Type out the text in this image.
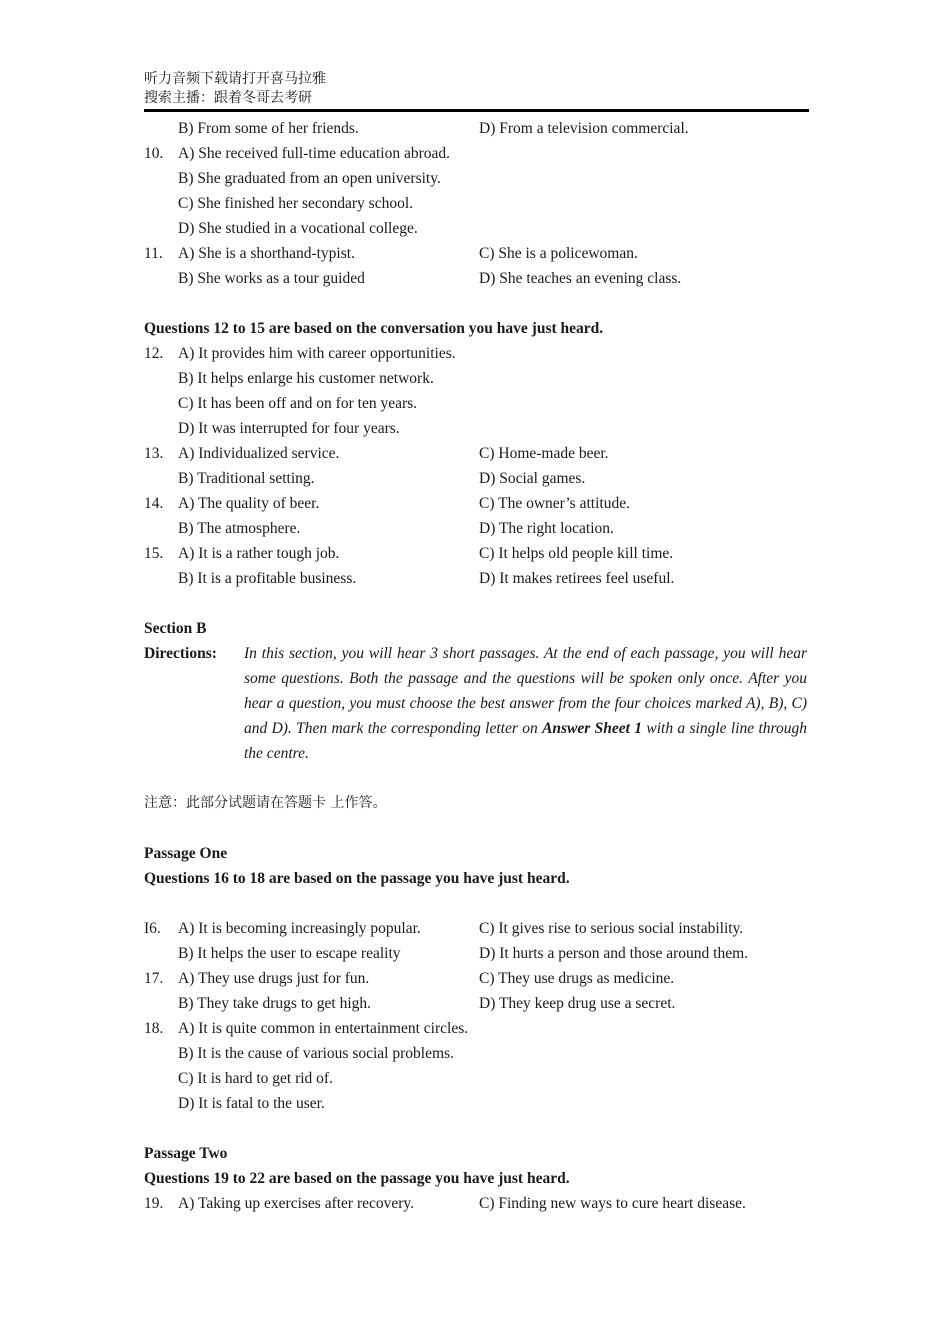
听力音频下载请打开喜马拉雅
搜索主播：跟着冬哥去考研
B) From some of her friends.	D) From a television commercial.
10. A) She received full-time education abroad.
B) She graduated from an open university.
C) She finished her secondary school.
D) She studied in a vocational college.
11. A) She is a shorthand-typist.	C) She is a policewoman.
B) She works as a tour guided	D) She teaches an evening class.
Questions 12 to 15 are based on the conversation you have just heard.
12. A) It provides him with career opportunities.
B) It helps enlarge his customer network.
C) It has been off and on for ten years.
D) It was interrupted for four years.
13. A) Individualized service.	C) Home-made beer.
B) Traditional setting.	D) Social games.
14. A) The quality of beer.	C) The owner’s attitude.
B) The atmosphere.	D) The right location.
15. A) It is a rather tough job.	C) It helps old people kill time.
B) It is a profitable business.	D) It makes retirees feel useful.
Section B
Directions: In this section, you will hear 3 short passages. At the end of each passage, you will hear some questions. Both the passage and the questions will be spoken only once. After you hear a question, you must choose the best answer from the four choices marked A), B), C) and D). Then mark the corresponding letter on Answer Sheet 1 with a single line through the centre.
注意：此部分试题请在答题卡 上作答。
Passage One
Questions 16 to 18 are based on the passage you have just heard.
I6. A) It is becoming increasingly popular.	C) It gives rise to serious social instability.
B) It helps the user to escape reality	D) It hurts a person and those around them.
17. A) They use drugs just for fun.	C) They use drugs as medicine.
B) They take drugs to get high.	D) They keep drug use a secret.
18. A) It is quite common in entertainment circles.
B) It is the cause of various social problems.
C) It is hard to get rid of.
D) It is fatal to the user.
Passage Two
Questions 19 to 22 are based on the passage you have just heard.
19. A) Taking up exercises after recovery.	C) Finding new ways to cure heart disease.
